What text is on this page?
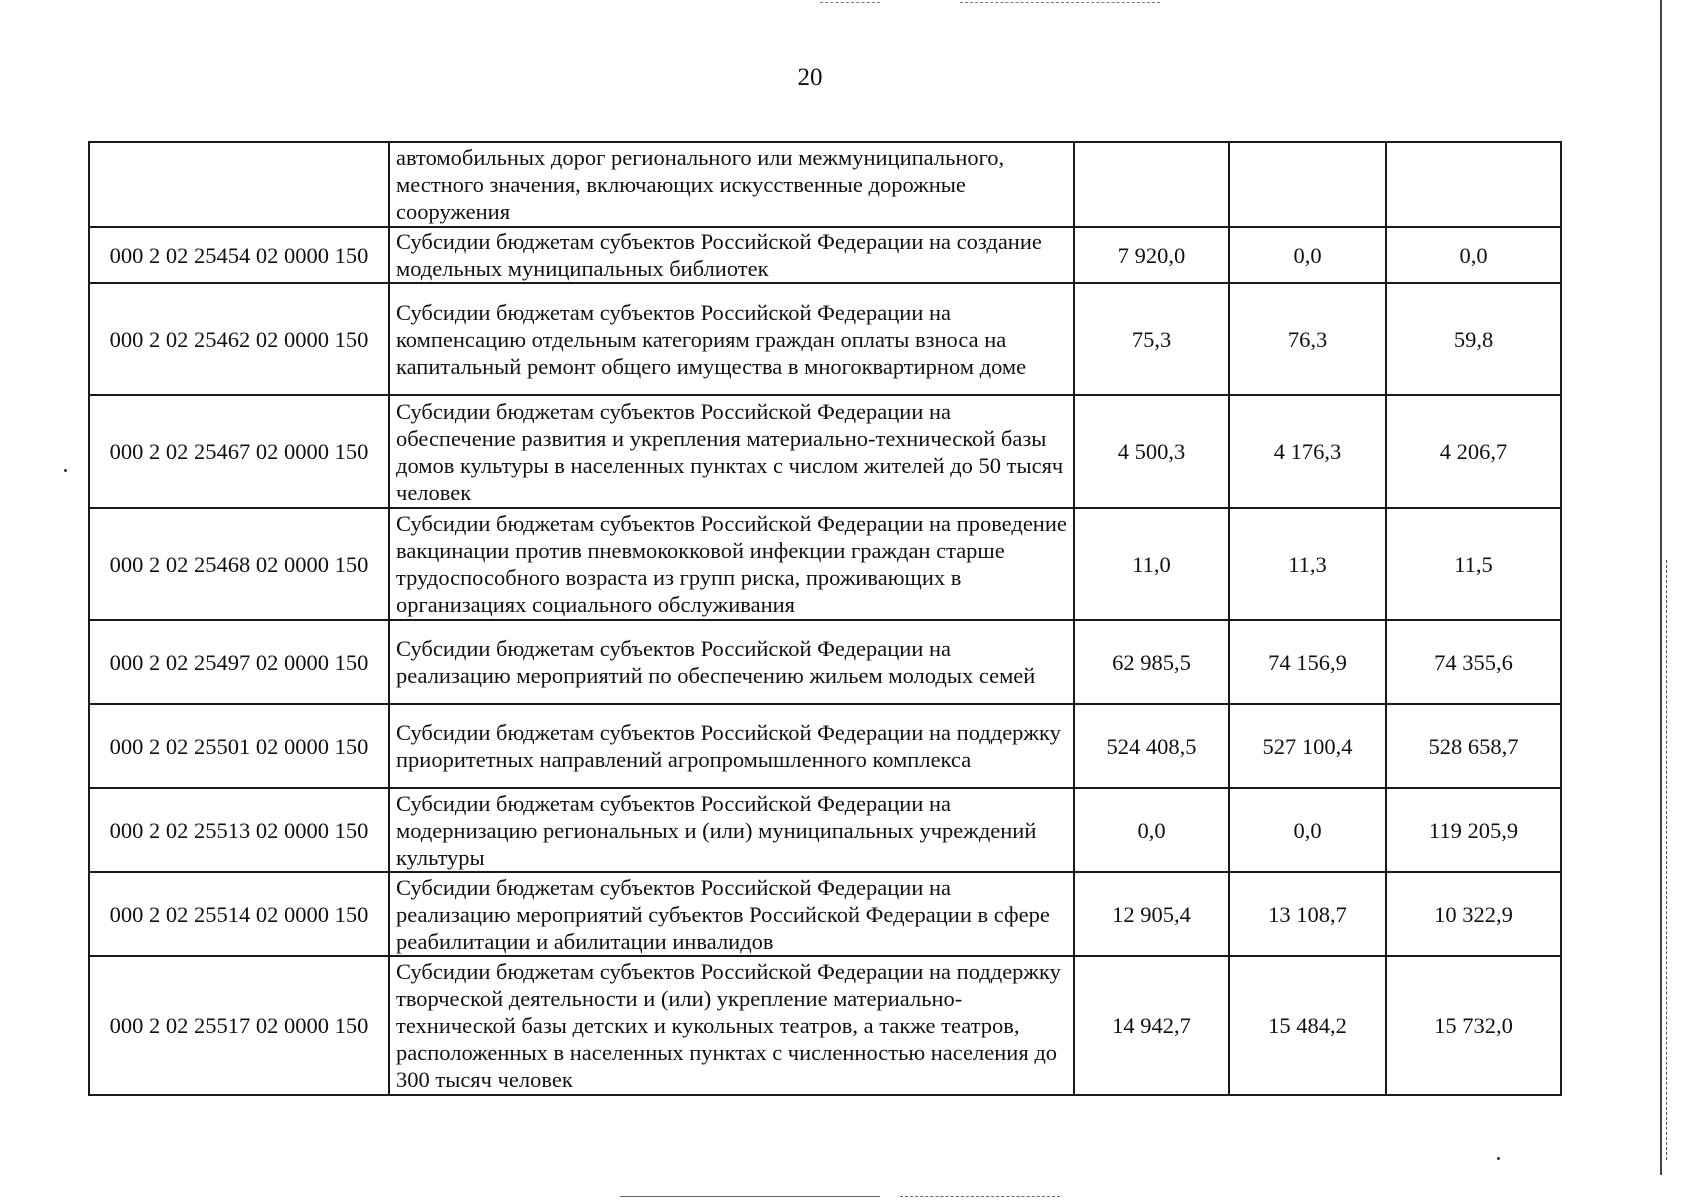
20
	автомобильных дорог регионального или межмуниципального, местного значения, включающих искусственные дорожные сооружения			
000 2 02 25454 02 0000 150	Субсидии бюджетам субъектов Российской Федерации на создание модельных муниципальных библиотек	7 920,0	0,0	0,0
000 2 02 25462 02 0000 150	Субсидии бюджетам субъектов Российской Федерации на компенсацию отдельным категориям граждан оплаты взноса на капитальный ремонт общего имущества в многоквартирном доме	75,3	76,3	59,8
000 2 02 25467 02 0000 150	Субсидии бюджетам субъектов Российской Федерации на обеспечение развития и укрепления материально-технической базы домов культуры в населенных пунктах с числом жителей до 50 тысяч человек	4 500,3	4 176,3	4 206,7
000 2 02 25468 02 0000 150	Субсидии бюджетам субъектов Российской Федерации на проведение вакцинации против пневмококковой инфекции граждан старше трудоспособного возраста из групп риска, проживающих в организациях социального обслуживания	11,0	11,3	11,5
000 2 02 25497 02 0000 150	Субсидии бюджетам субъектов Российской Федерации на реализацию мероприятий по обеспечению жильем молодых семей	62 985,5	74 156,9	74 355,6
000 2 02 25501 02 0000 150	Субсидии бюджетам субъектов Российской Федерации на поддержку приоритетных направлений агропромышленного комплекса	524 408,5	527 100,4	528 658,7
000 2 02 25513 02 0000 150	Субсидии бюджетам субъектов Российской Федерации на модернизацию региональных и (или) муниципальных учреждений культуры	0,0	0,0	119 205,9
000 2 02 25514 02 0000 150	Субсидии бюджетам субъектов Российской Федерации на реализацию мероприятий субъектов Российской Федерации в сфере реабилитации и абилитации инвалидов	12 905,4	13 108,7	10 322,9
000 2 02 25517 02 0000 150	Субсидии бюджетам субъектов Российской Федерации на поддержку творческой деятельности и (или) укрепление материально-технической базы детских и кукольных театров, а также театров, расположенных в населенных пунктах с численностью населения до 300 тысяч человек	14 942,7	15 484,2	15 732,0
